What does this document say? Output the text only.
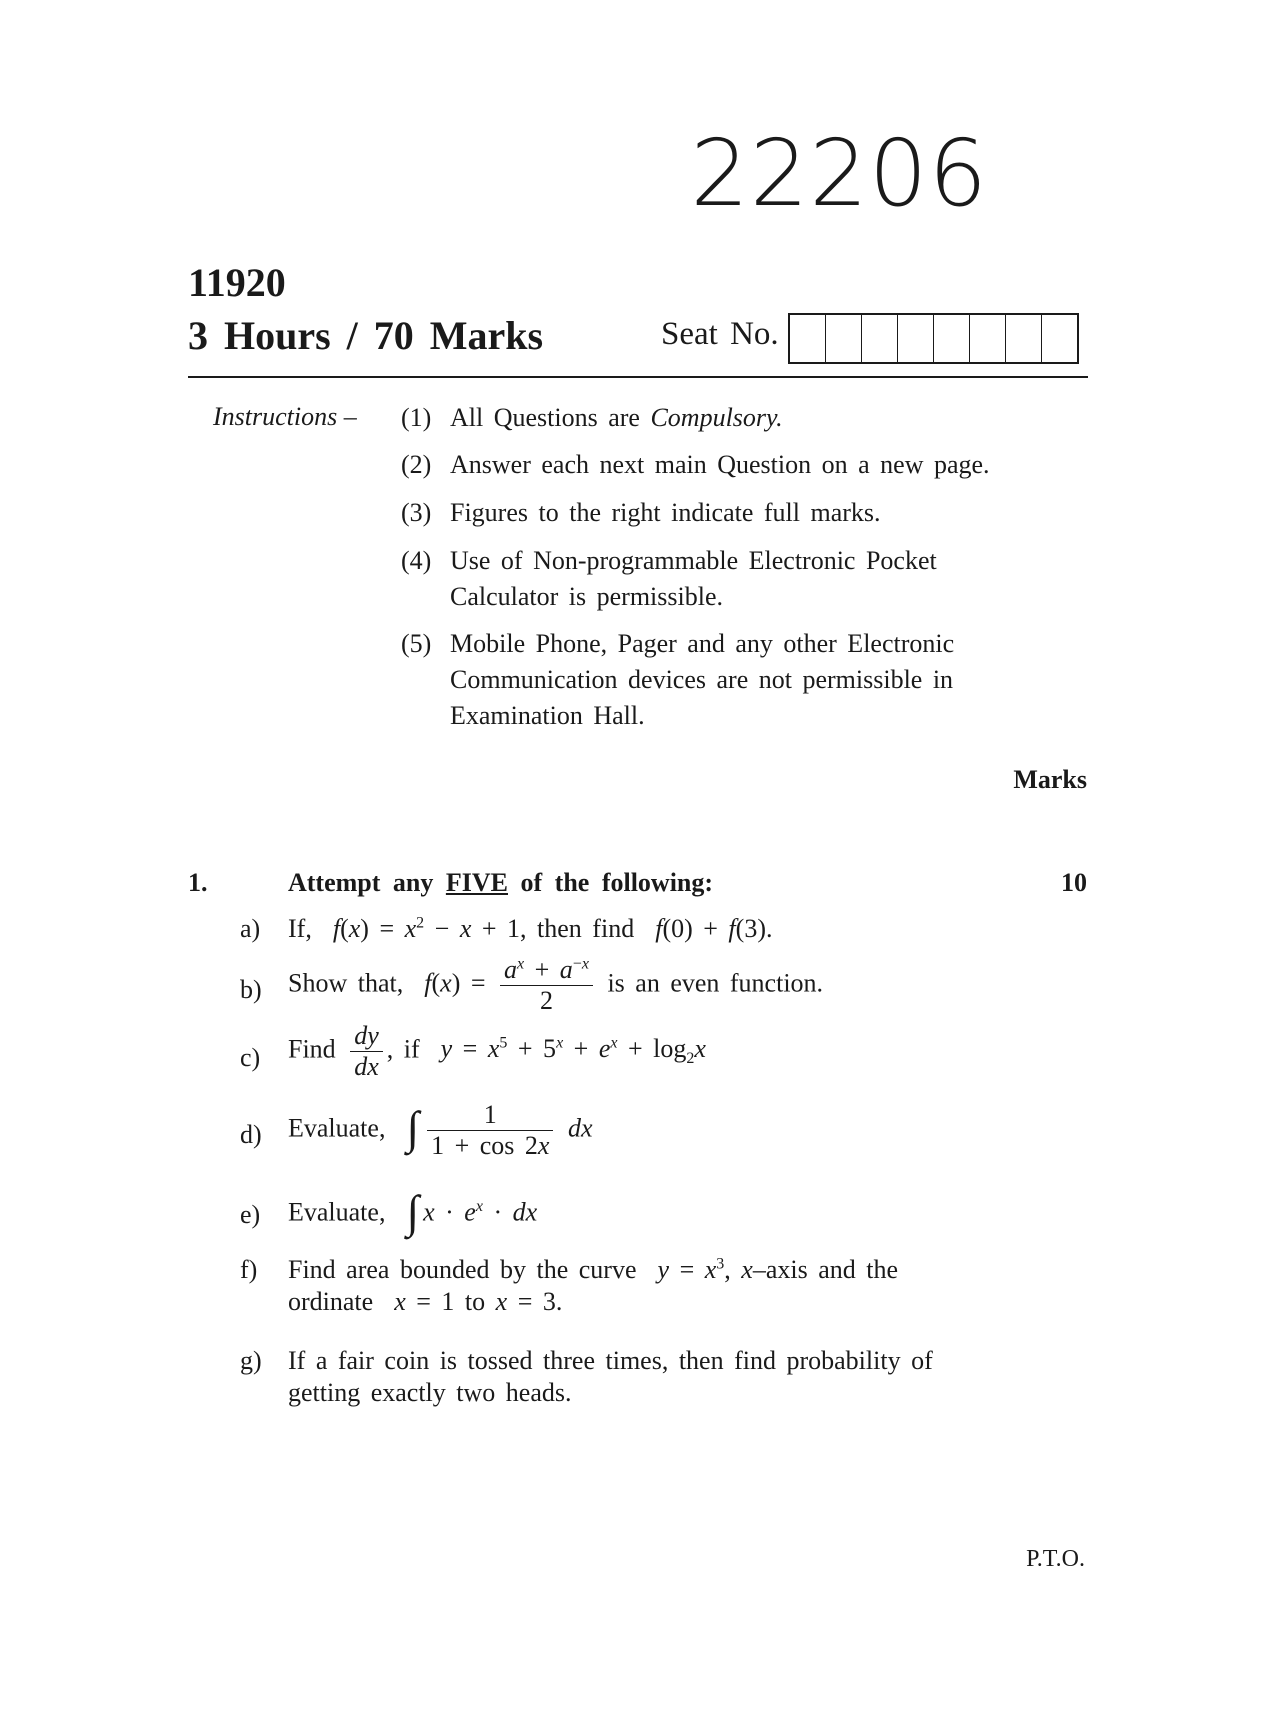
22206
11920
3 Hours / 70 Marks	Seat No.
Instructions – (1) All Questions are Compulsory.
(2) Answer each next main Question on a new page.
(3) Figures to the right indicate full marks.
(4) Use of Non-programmable Electronic Pocket Calculator is permissible.
(5) Mobile Phone, Pager and any other Electronic Communication devices are not permissible in Examination Hall.
Marks
1.	Attempt any FIVE of the following:	10
a) If, $f(x) = x^2 - x + 1$, then find f(0) + f(3).
b) Show that, $f(x) = \frac{a^x + a^{-x}}{2}$ is an even function.
c) Find $\frac{dy}{dx}$ , if $y = x^5 + 5^x + e^x + \log_2x$
d) Evaluate, ∫ $\frac{1}{1 + \cos 2x}$ dx
e) Evaluate, ∫ $x \cdot e^x$ · dx
f) Find area bounded by the curve $y = x^3$, x–axis and the
ordinate x = 1 to x = 3.
g) If a fair coin is tossed three times, then find probability of
getting exactly two heads.
P.T.O.
